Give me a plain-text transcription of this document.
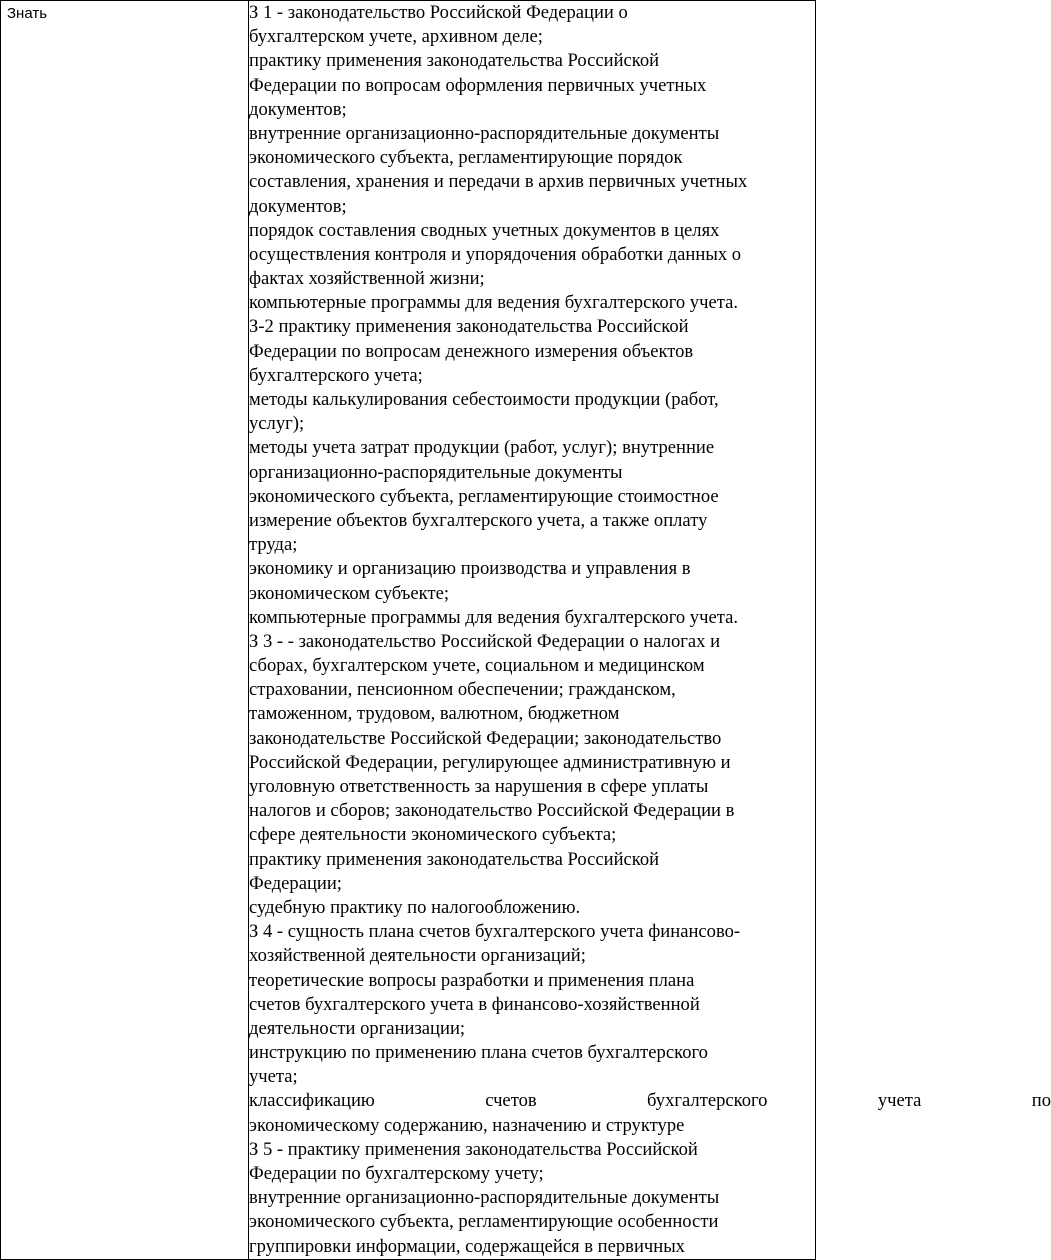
Знать	З 1 - законодательство Российской Федерации о
бухгалтерском учете, архивном деле;
практику применения законодательства Российской
Федерации по вопросам оформления первичных учетных
документов;
внутренние организационно-распорядительные документы
экономического субъекта, регламентирующие порядок
составления, хранения и передачи в архив первичных учетных
документов;
порядок составления сводных учетных документов в целях
осуществления контроля и упорядочения обработки данных о
фактах хозяйственной жизни;
компьютерные программы для ведения бухгалтерского учета.
З-2 практику применения законодательства Российской
Федерации по вопросам денежного измерения объектов
бухгалтерского учета;
методы калькулирования себестоимости продукции (работ,
услуг);
методы учета затрат продукции (работ, услуг); внутренние
организационно-распорядительные документы
экономического субъекта, регламентирующие стоимостное
измерение объектов бухгалтерского учета, а также оплату
труда;
экономику и организацию производства и управления в
экономическом субъекте;
компьютерные программы для ведения бухгалтерского учета.
З 3 - - законодательство Российской Федерации о налогах и
сборах, бухгалтерском учете, социальном и медицинском
страховании, пенсионном обеспечении; гражданском,
таможенном, трудовом, валютном, бюджетном
законодательстве Российской Федерации; законодательство
Российской Федерации, регулирующее административную и
уголовную ответственность за нарушения в сфере уплаты
налогов и сборов; законодательство Российской Федерации в
сфере деятельности экономического субъекта;
практику применения законодательства Российской
Федерации;
судебную практику по налогообложению.
З 4 - сущность плана счетов бухгалтерского учета финансово-
хозяйственной деятельности организаций;
теоретические вопросы разработки и применения плана
счетов бухгалтерского учета в финансово-хозяйственной
деятельности организации;
инструкцию по применению плана счетов бухгалтерского
учета;
классификацию	счетов	бухгалтерского	учета	по
экономическому содержанию, назначению и структуре
З 5 - практику применения законодательства Российской
Федерации по бухгалтерскому учету;
внутренние организационно-распорядительные документы
экономического субъекта, регламентирующие особенности
группировки информации, содержащейся в первичных
